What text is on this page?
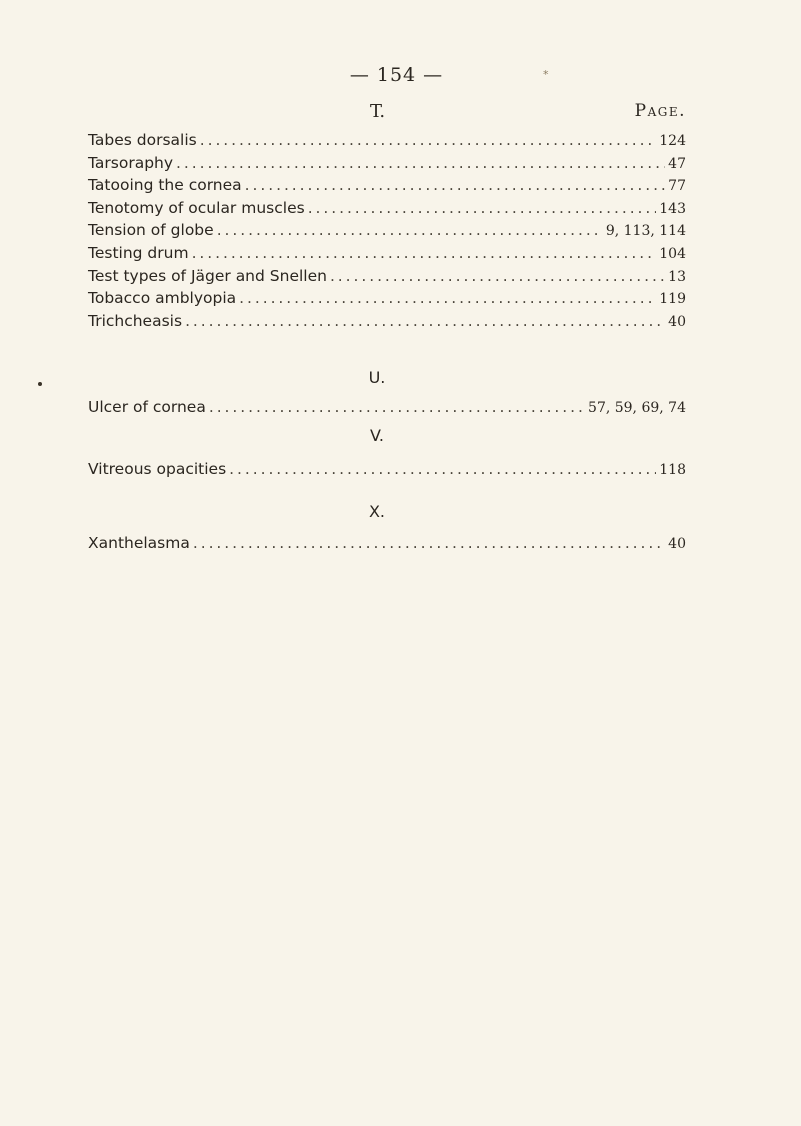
— 154 —	*
T.	Page.
Tabes dorsalis . . .	124
Tarsoraphy . . .	47
Tatooing the cornea . . .	77
Tenotomy of ocular muscles . . .	143
Tension of globe . . .	9, 113, 114
Testing drum . . .	104
Test types of Jäger and Snellen . . .	13
Tobacco amblyopia . . .	119
Trichcheasis . . .	40
U.
Ulcer of cornea . . .	57, 59, 69, 74
V.
Vitreous opacities . . .	118
X.
Xanthelasma . . .	40
